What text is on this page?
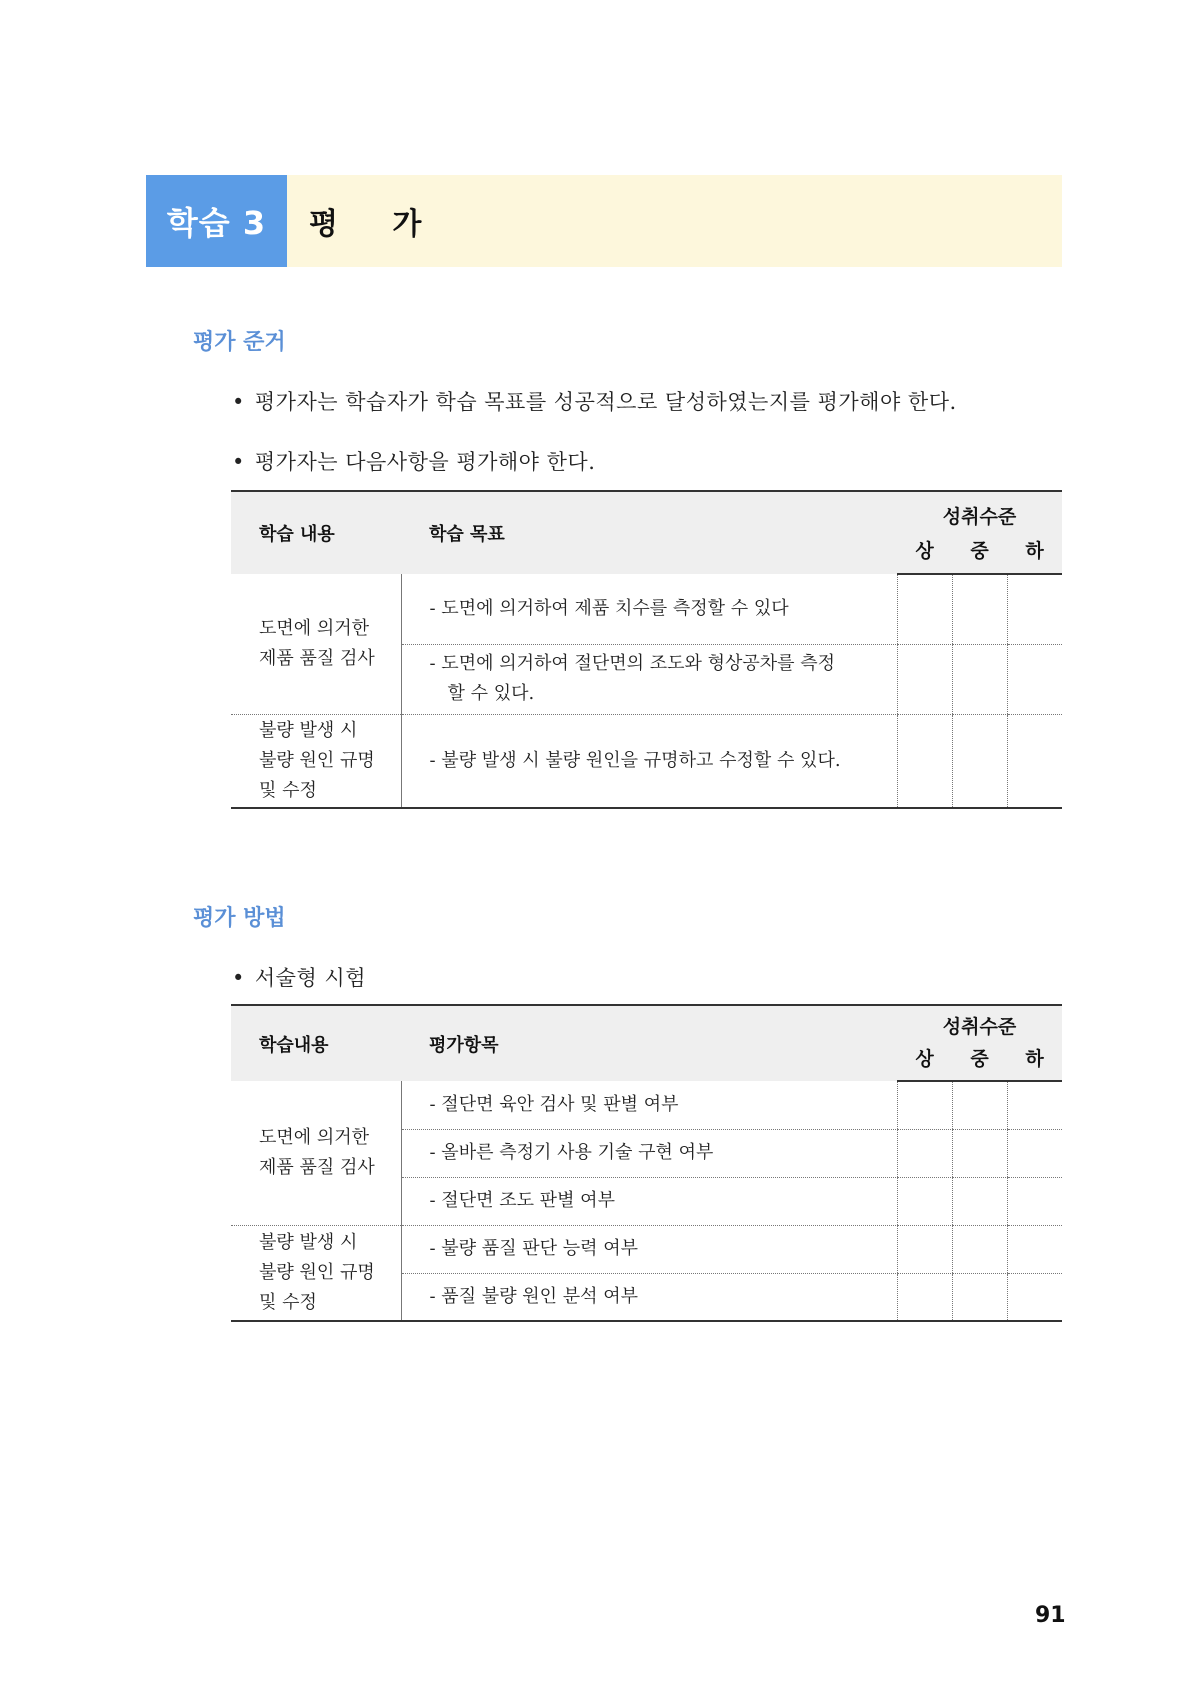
학습 3	평 가
평가 준거
• 평가자는 학습자가 학습 목표를 성공적으로 달성하였는지를 평가해야 한다.
• 평가자는 다음사항을 평가해야 한다.
학습 내용	학습 목표	성취수준		
		상	중	하
도면에 의거한
제품 품질 검사	- 도면에 의거하여 제품 치수를 측정할 수 있다			
	- 도면에 의거하여 절단면의 조도와 형상공차를 측정
할 수 있다.			
불량 발생 시
불량 원인 규명
및 수정	- 불량 발생 시 불량 원인을 규명하고 수정할 수 있다.			
평가 방법
• 서술형 시험
학습내용	평가항목	성취수준		
		상	중	하
도면에 의거한
제품 품질 검사	- 절단면 육안 검사 및 판별 여부			
	- 올바른 측정기 사용 기술 구현 여부			
	- 절단면 조도 판별 여부			
불량 발생 시
불량 원인 규명
및 수정	- 불량 품질 판단 능력 여부			
	- 품질 불량 원인 분석 여부			
91
